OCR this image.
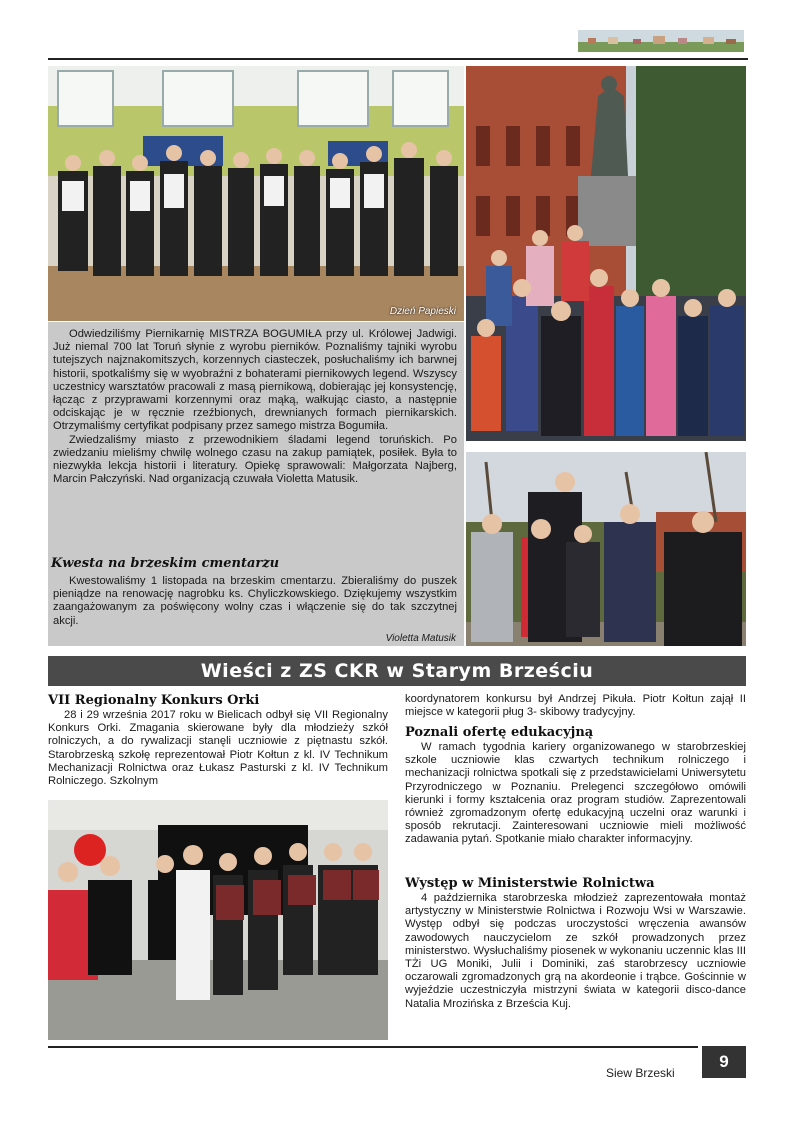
Dzień Papieski

Odwiedziliśmy Piernikarnię MISTRZA BOGUMIŁA przy ul. Królowej Jadwigi. Już niemal 700 lat Toruń słynie z wyrobu pierników. Poznaliśmy tajniki wyrobu tutejszych najznakomitszych, korzennych ciasteczek, posłuchaliśmy ich barwnej historii, spotkaliśmy się w wyobraźni z bohaterami piernikowych legend. Wszyscy uczestnicy warsztatów pracowali z masą piernikową, dobierając jej konsystencję, łącząc z przyprawami korzennymi oraz mąką, wałkując ciasto, a następnie odciskając je w ręcznie rzeźbionych, drewnianych formach piernikarskich. Otrzymaliśmy certyfikat podpisany przez samego mistrza Bogumiła.

Zwiedzaliśmy miasto z przewodnikiem śladami legend toruńskich. Po zwiedzaniu mieliśmy chwilę wolnego czasu na zakup pamiątek, posiłek. Była to niezwykła lekcja historii i literatury. Opiekę sprawowali: Małgorzata Najberg, Marcin Pałczyński. Nad organizacją czuwała Violetta Matusik.

Kwesta na brzeskim cmentarzu

Kwestowaliśmy 1 listopada na brzeskim cmentarzu. Zbieraliśmy do puszek pieniądze na renowację nagrobku ks. Chyliczkowskiego. Dziękujemy wszystkim zaangażowanym za poświęcony wolny czas i włączenie się do tak szczytnej akcji.

Violetta Matusik
Wieści z ZS CKR w Starym Brześciu
VII Regionalny Konkurs Orki

28 i 29 września 2017 roku w Bielicach odbył się VII Regionalny Konkurs Orki. Zmagania skierowane były dla młodzieży szkół rolniczych, a do rywalizacji stanęli uczniowie z piętnastu szkół. Starobrzeską szkołę reprezentował Piotr Kołtun z kl. IV Technikum Mechanizacji Rolnictwa oraz Łukasz Pasturski z kl. IV Technikum Rolniczego. Szkolnym

koordynatorem konkursu był Andrzej Pikuła. Piotr Kołtun zajął II miejsce w kategorii pług 3- skibowy tradycyjny.

Poznali ofertę edukacyjną

W ramach tygodnia kariery organizowanego w starobrzeskiej szkole uczniowie klas czwartych technikum rolniczego i mechanizacji rolnictwa spotkali się z przedstawicielami Uniwersytetu Przyrodniczego w Poznaniu. Prelegenci szczegółowo omówili kierunki i formy kształcenia oraz program studiów. Zaprezentowali również zgromadzonym ofertę edukacyjną uczelni oraz warunki i sposób rekrutacji. Zainteresowani uczniowie mieli możliwość zadawania pytań. Spotkanie miało charakter informacyjny.

Występ w Ministerstwie Rolnictwa

4 października starobrzeska młodzież zaprezentowała montaż artystyczny w Ministerstwie Rolnictwa i Rozwoju Wsi w Warszawie. Występ odbył się podczas uroczystości wręczenia awansów zawodowych nauczycielom ze szkół prowadzonych przez ministerstwo. Wysłuchaliśmy piosenek w wykonaniu uczennic klas III TŻi UG Moniki, Julii i Dominiki, zaś starobrzescy uczniowie oczarowali zgromadzonych grą na akordeonie i trąbce. Gościnnie w wyjeździe uczestniczyła mistrzyni świata w kategorii disco-dance Natalia Mrozińska z Brześcia Kuj.

Siew Brzeski
9
